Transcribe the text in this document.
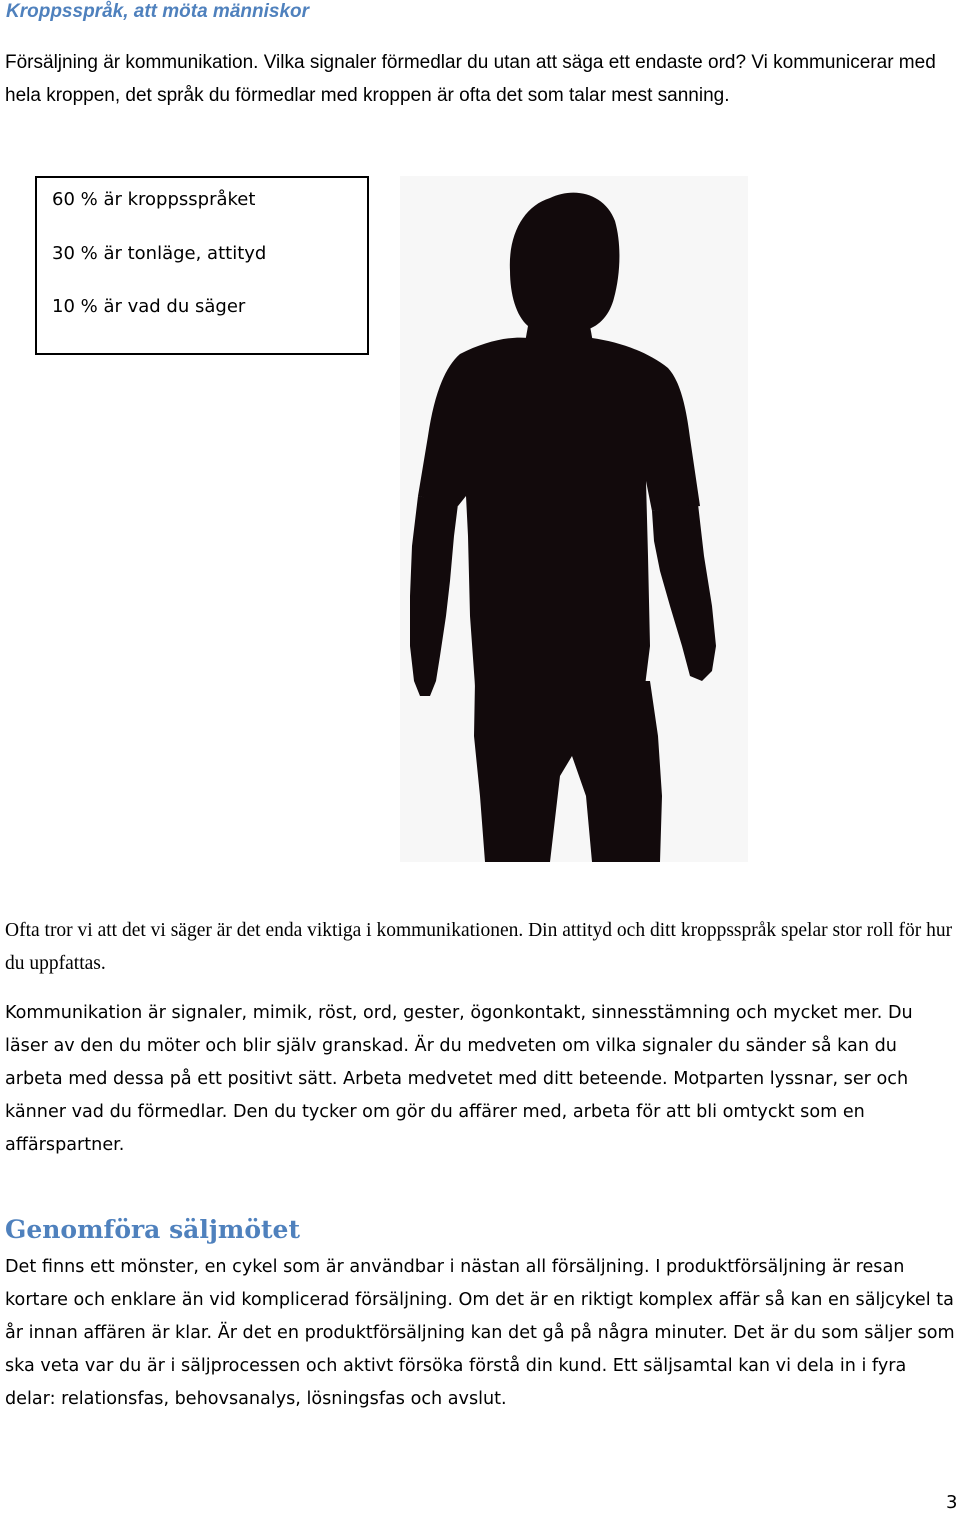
Kroppsspråk, att möta människor

Försäljning är kommunikation. Vilka signaler förmedlar du utan att säga ett endaste ord? Vi kommunicerar med hela kroppen, det språk du förmedlar med kroppen är ofta det som talar mest sanning.

60 % är kroppsspråket
30 % är tonläge, attityd
10 % är vad du säger

Ofta tror vi att det vi säger är det enda viktiga i kommunikationen. Din attityd och ditt kroppsspråk spelar stor roll för hur du uppfattas.

Kommunikation är signaler, mimik, röst, ord, gester, ögonkontakt, sinnesstämning och mycket mer. Du läser av den du möter och blir själv granskad. Är du medveten om vilka signaler du sänder så kan du arbeta med dessa på ett positivt sätt. Arbeta medvetet med ditt beteende. Motparten lyssnar, ser och känner vad du förmedlar. Den du tycker om gör du affärer med, arbeta för att bli omtyckt som en affärspartner.

Genomföra säljmötet

Det finns ett mönster, en cykel som är användbar i nästan all försäljning. I produktförsäljning är resan kortare och enklare än vid komplicerad försäljning. Om det är en riktigt komplex affär så kan en säljcykel ta år innan affären är klar. Är det en produktförsäljning kan det gå på några minuter. Det är du som säljer som ska veta var du är i säljprocessen och aktivt försöka förstå din kund. Ett säljsamtal kan vi dela in i fyra delar: relationsfas, behovsanalys, lösningsfas och avslut.

3
